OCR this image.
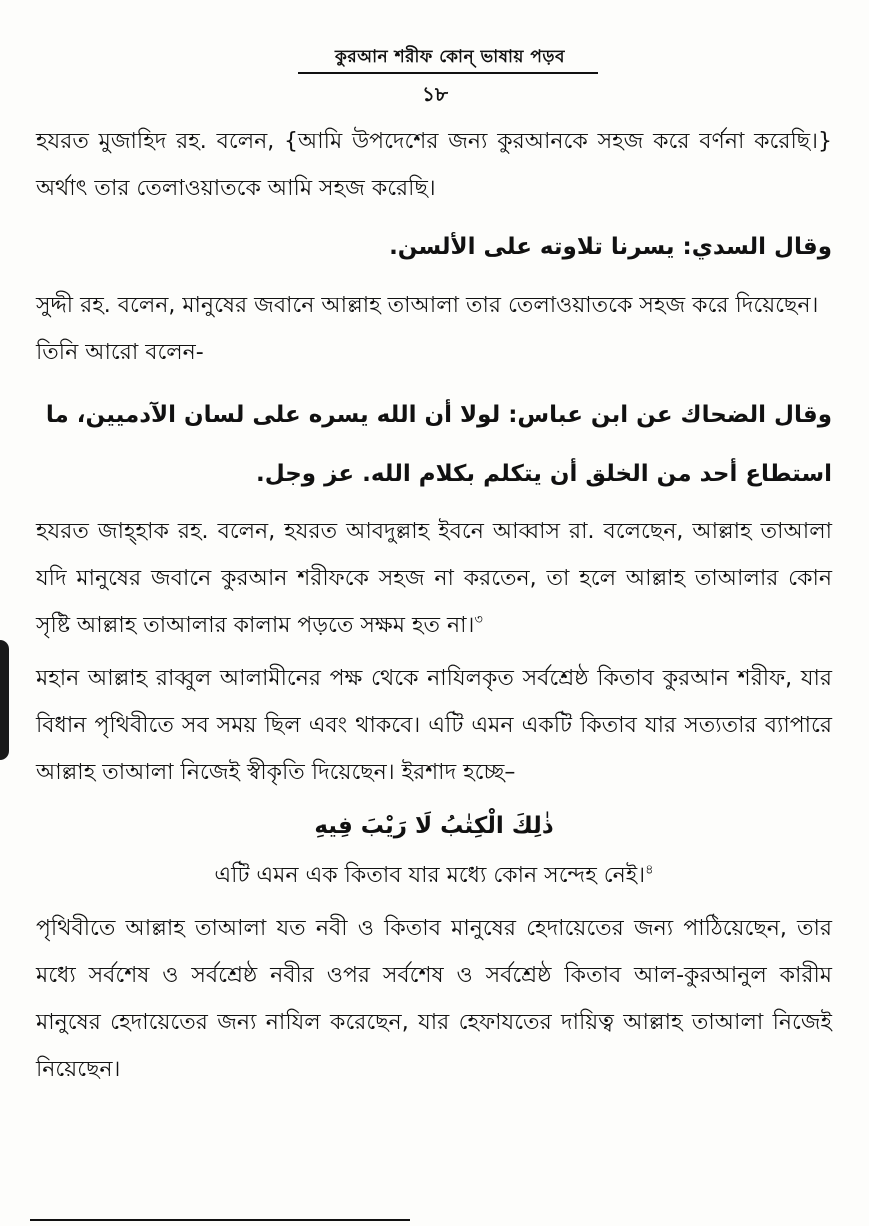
কুরআন শরীফ কোন্‌ ভাষায় পড়ব
১৮

হযরত মুজাহিদ রহ. বলেন, {আমি উপদেশের জন্য কুরআনকে সহজ করে বর্ণনা করেছি।} অর্থাৎ তার তেলাওয়াতকে আমি সহজ করেছি।

وقال السدي: يسرنا تلاوته على الألسن.

সুদ্দী রহ. বলেন, মানুষের জবানে আল্লাহ তাআলা তার তেলাওয়াতকে সহজ করে দিয়েছেন।

তিনি আরো বলেন-

وقال الضحاك عن ابن عباس: لولا أن الله يسره على لسان الآدميين، ما استطاع أحد من الخلق أن يتكلم بكلام الله. عز وجل.

হযরত জাহ্‌হাক রহ. বলেন, হযরত আবদুল্লাহ ইবনে আব্বাস রা. বলেছেন, আল্লাহ তাআলা যদি মানুষের জবানে কুরআন শরীফকে সহজ না করতেন, তা হলে আল্লাহ তাআলার কোন সৃষ্টি আল্লাহ তাআলার কালাম পড়তে সক্ষম হত না।$^৩$

মহান আল্লাহ রাব্বুল আলামীনের পক্ষ থেকে নাযিলকৃত সর্বশ্রেষ্ঠ কিতাব কুরআন শরীফ, যার বিধান পৃথিবীতে সব সময় ছিল এবং থাকবে। এটি এমন একটি কিতাব যার সত্যতার ব্যাপারে আল্লাহ তাআলা নিজেই স্বীকৃতি দিয়েছেন। ইরশাদ হচ্ছে–

ذٰلِكَ الْكِتٰبُ لَا رَيْبَ فِيهِ

এটি এমন এক কিতাব যার মধ্যে কোন সন্দেহ নেই।$^৪$

পৃথিবীতে আল্লাহ তাআলা যত নবী ও কিতাব মানুষের হেদায়েতের জন্য পাঠিয়েছেন, তার মধ্যে সর্বশেষ ও সর্বশ্রেষ্ঠ নবীর ওপর সর্বশেষ ও সর্বশ্রেষ্ঠ কিতাব আল-কুরআনুল কারীম মানুষের হেদায়েতের জন্য নাযিল করেছেন, যার হেফাযতের দায়িত্ব আল্লাহ তাআলা নিজেই নিয়েছেন।
